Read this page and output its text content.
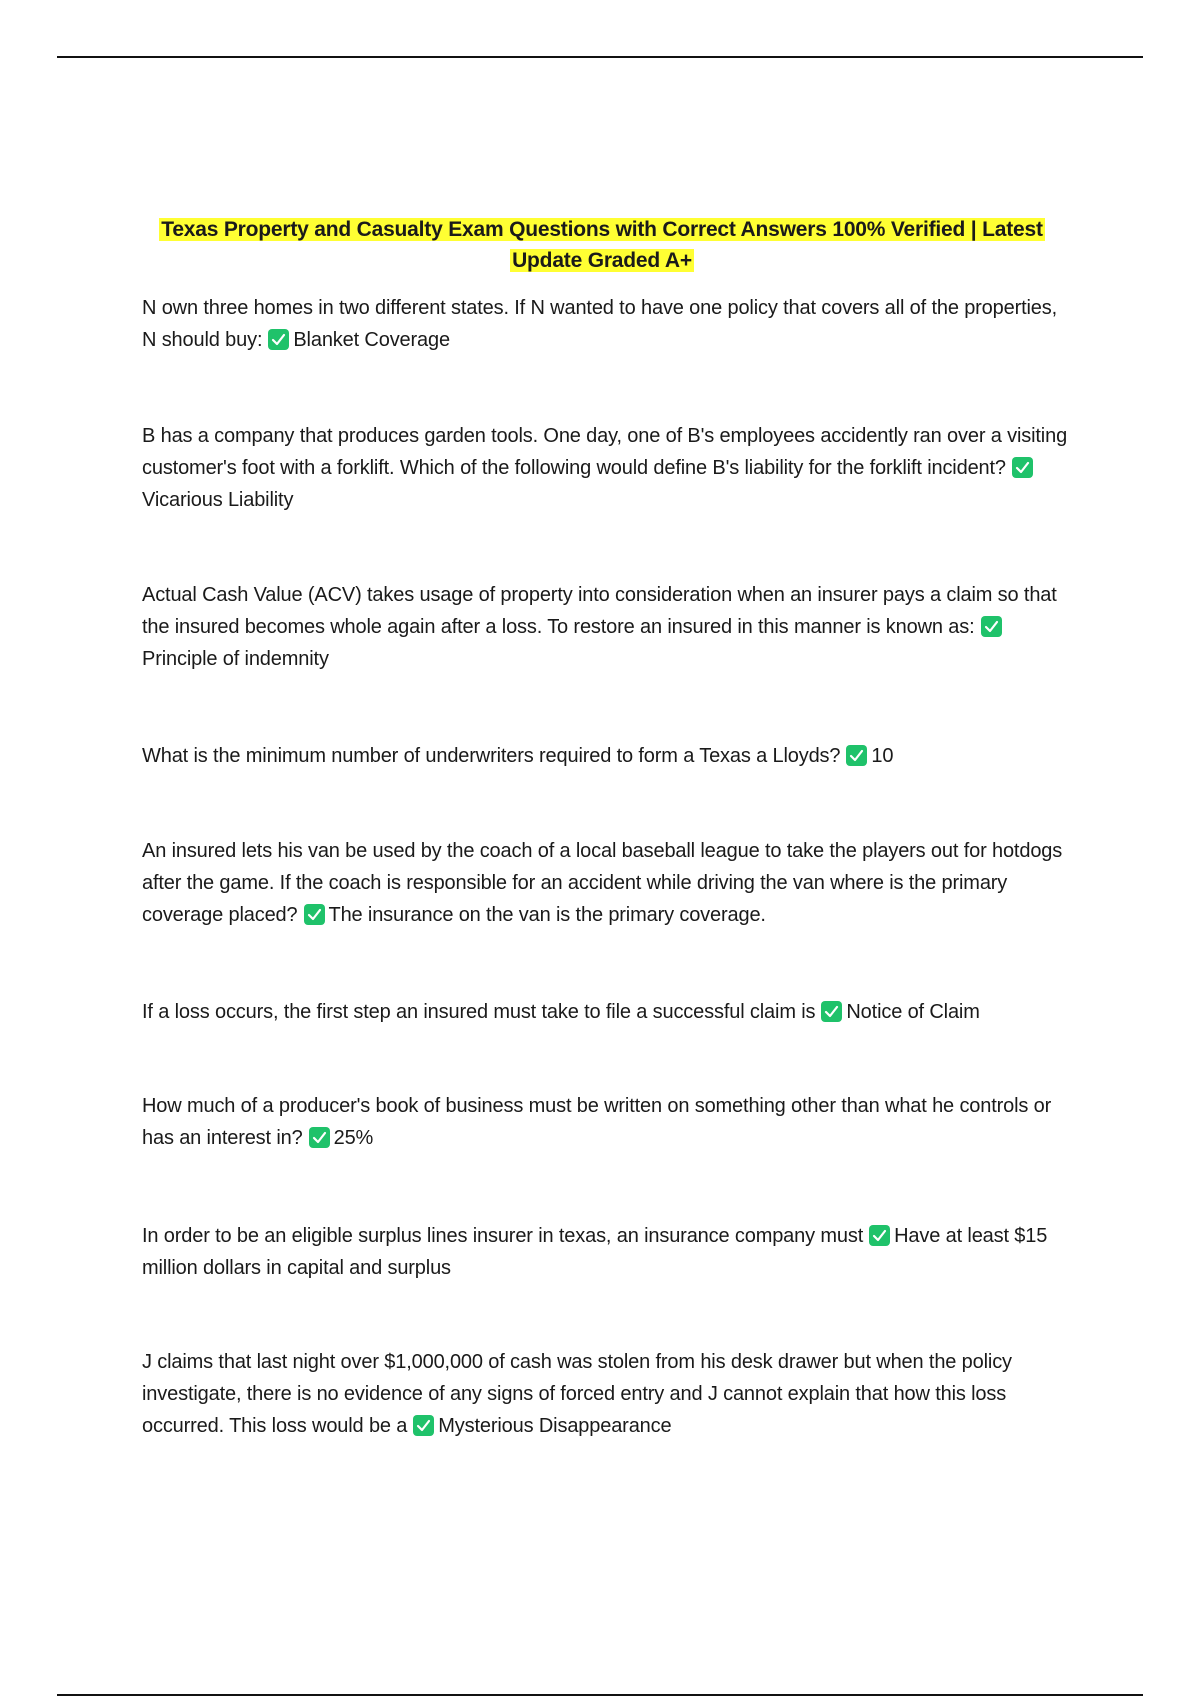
Texas Property and Casualty Exam Questions with Correct Answers 100% Verified | Latest Update Graded A+

N own three homes in two different states. If N wanted to have one policy that covers all of the properties, N should buy: Blanket Coverage

B has a company that produces garden tools. One day, one of B's employees accidently ran over a visiting customer's foot with a forklift. Which of the following would define B's liability for the forklift incident?
Vicarious Liability

Actual Cash Value (ACV) takes usage of property into consideration when an insurer pays a claim so that the insured becomes whole again after a loss. To restore an insured in this manner is known as:
Principle of indemnity

What is the minimum number of underwriters required to form a Texas a Lloyds? 10

An insured lets his van be used by the coach of a local baseball league to take the players out for hotdogs after the game. If the coach is responsible for an accident while driving the van where is the primary coverage placed? The insurance on the van is the primary coverage.

If a loss occurs, the first step an insured must take to file a successful claim is Notice of Claim

How much of a producer's book of business must be written on something other than what he controls or has an interest in? 25%

In order to be an eligible surplus lines insurer in texas, an insurance company must Have at least $15 million dollars in capital and surplus

J claims that last night over $1,000,000 of cash was stolen from his desk drawer but when the policy investigate, there is no evidence of any signs of forced entry and J cannot explain that how this loss occurred. This loss would be a Mysterious Disappearance
